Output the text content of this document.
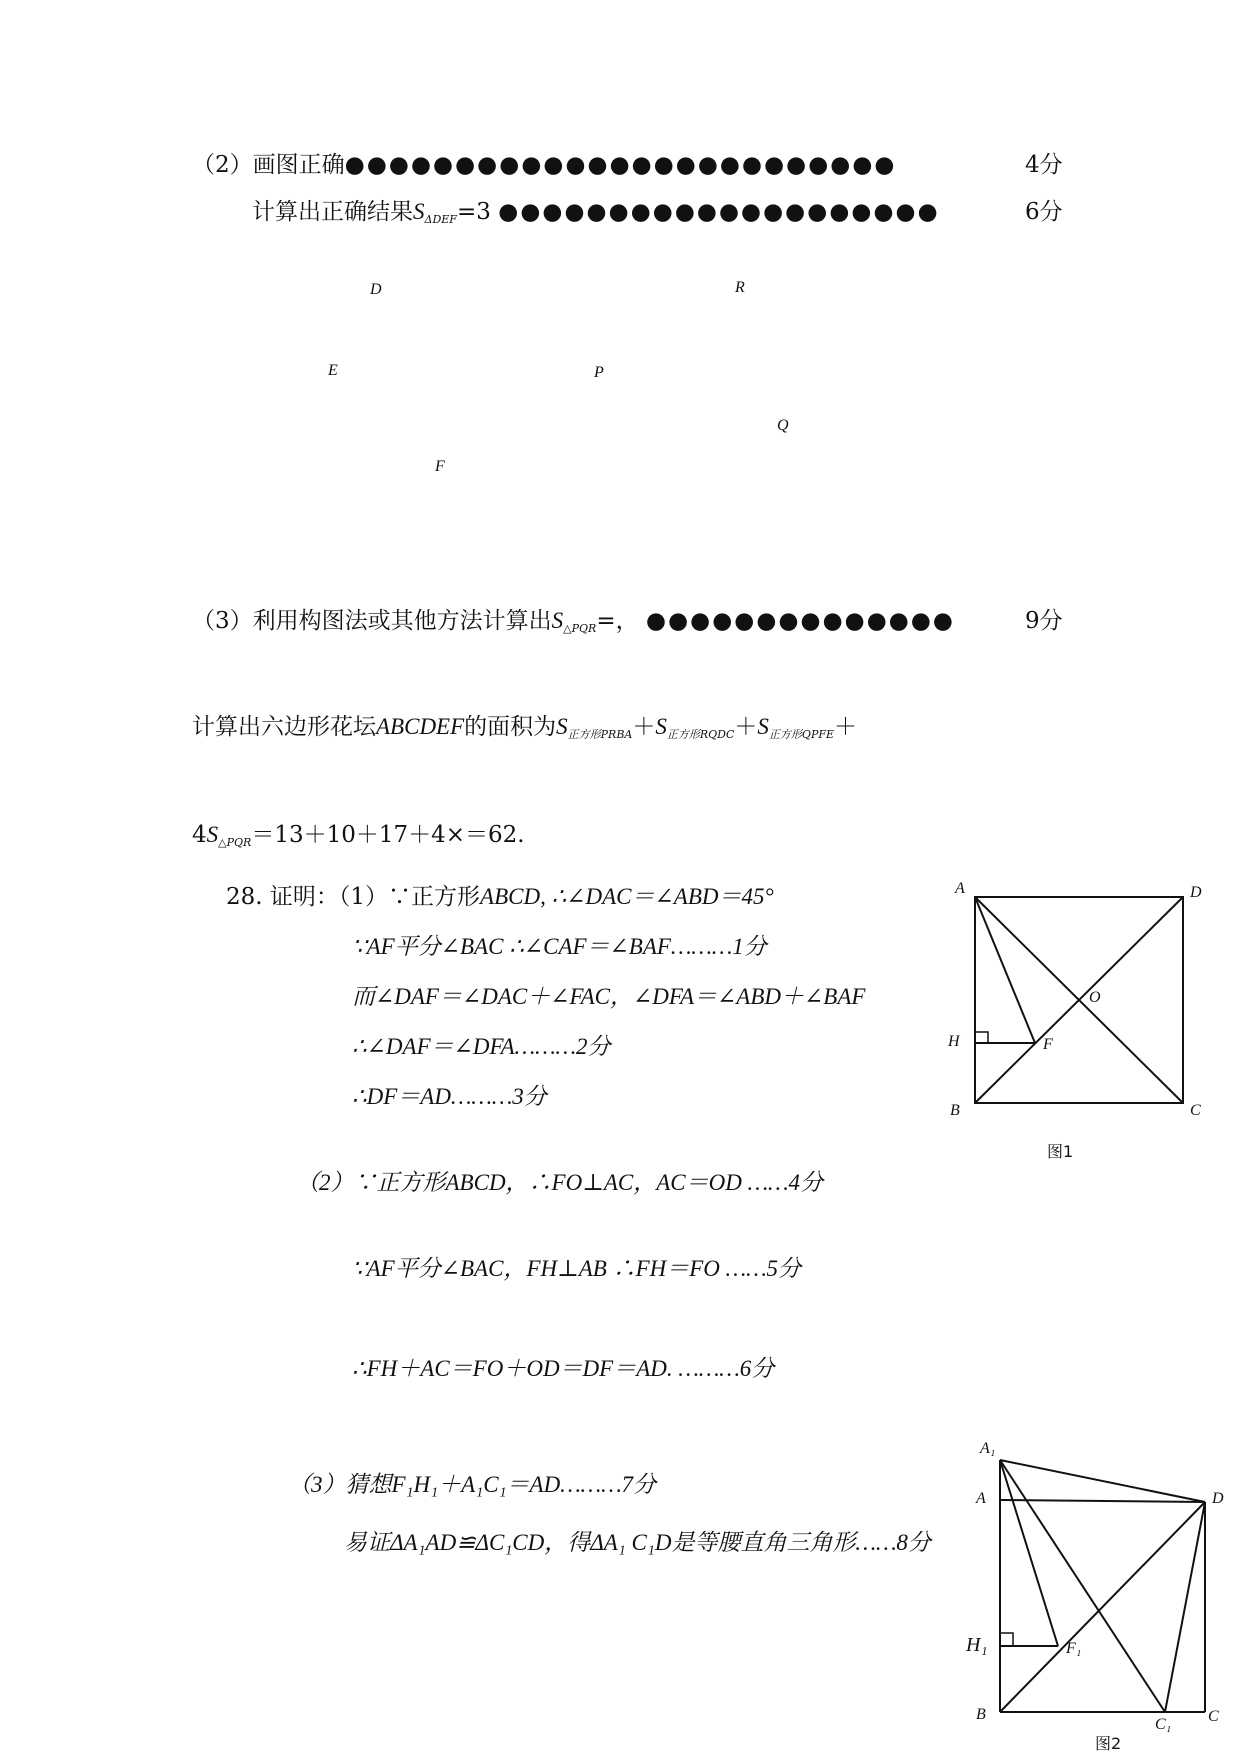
（2）画图正确●●●●●●●●●●●●●●●●●●●●●●●●●	4分
计算出正确结果$S_{\Delta DEF}=3$ ●●●●●●●●●●●●●●●●●●●●	6分
D	R
E	P
Q
F
（3）利用构图法或其他方法计算出$S_{\triangle PQR}=$， ●●●●●●●●●●●●●●	9分
计算出六边形花坛ABCDEF的面积为$S_{正方形PRBA}+S_{正方形RQDC}+S_{正方形QPFE}+$
$4S_{\triangle PQR}=13+10+17+4\times=62$.
28. 证明：（1）∵正方形ABCD, ∴∠DAC＝∠ABD＝45°
∵AF平分∠BAC ∴∠CAF＝∠BAF………1分
而∠DAF＝∠DAC＋∠FAC，∠DFA＝∠ABD＋∠BAF
∴∠DAF＝∠DFA………2分
∴DF＝AD………3分
（2）∵正方形ABCD，∴FO⊥AC，AC＝OD ……4分
∵AF平分∠BAC，FH⊥AB ∴FH＝FO ……5分
∴FH＋AC＝FO＋OD＝DF＝AD. ………6分
（3）猜想F₁H₁＋A₁C₁＝AD………7分
易证ΔA₁AD≌ΔC₁CD，得ΔA₁ C₁D是等腰直角三角形……8分
A	D
O
H	F
B	C
图1
A₁
A	D
H₁	F₁
B
C₁ C
图2
